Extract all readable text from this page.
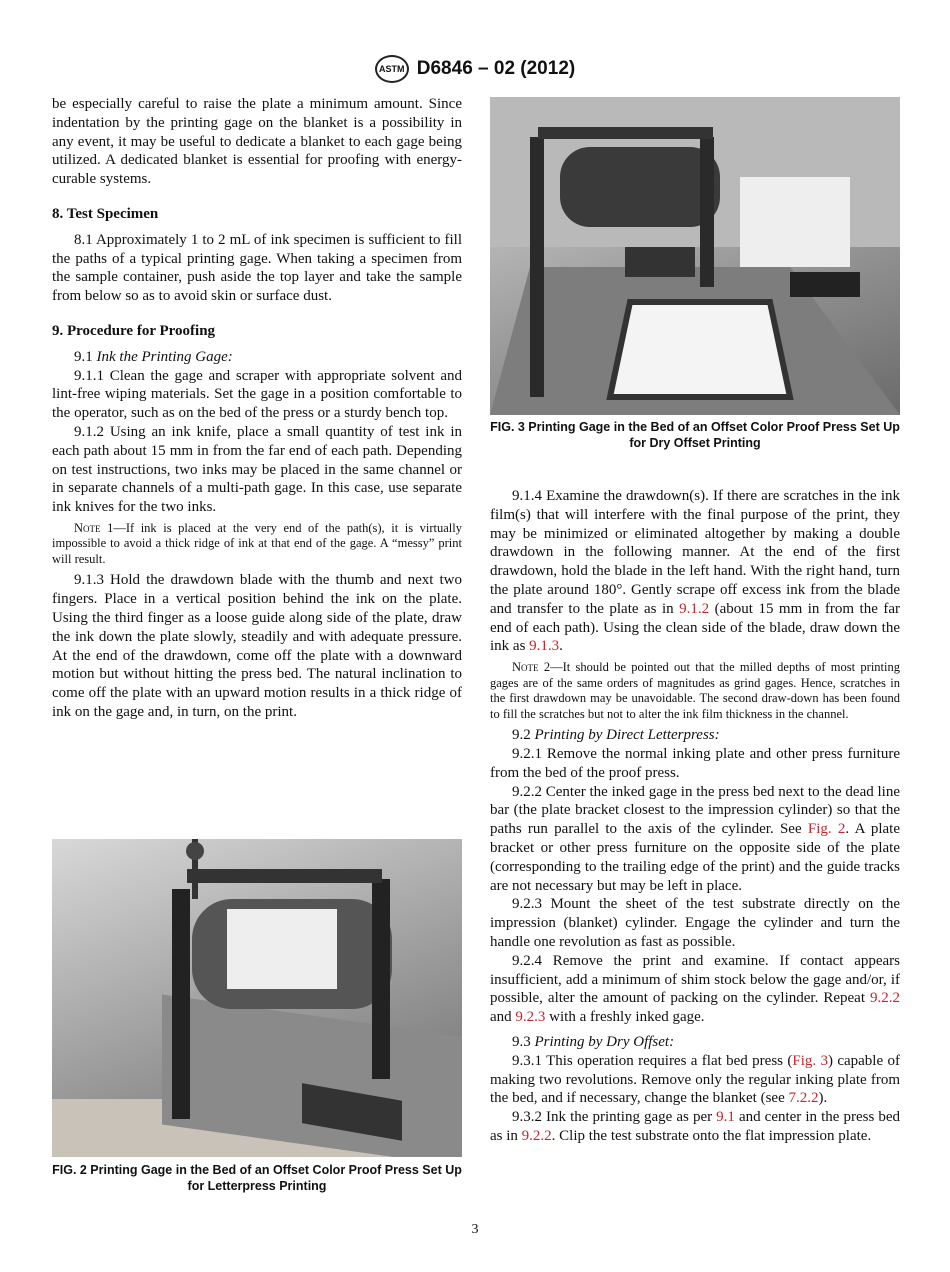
ASTM D6846 – 02 (2012)

be especially careful to raise the plate a minimum amount. Since indentation by the printing gage on the blanket is a possibility in any event, it may be useful to dedicate a blanket to each gage being utilized. A dedicated blanket is essential for proofing with energy-curable systems.

8. Test Specimen

8.1 Approximately 1 to 2 mL of ink specimen is sufficient to fill the paths of a typical printing gage. When taking a specimen from the sample container, push aside the top layer and take the sample from below so as to avoid skin or surface dust.

9. Procedure for Proofing

9.1 Ink the Printing Gage:

9.1.1 Clean the gage and scraper with appropriate solvent and lint-free wiping materials. Set the gage in a position comfortable to the operator, such as on the bed of the press or a sturdy bench top.

9.1.2 Using an ink knife, place a small quantity of test ink in each path about 15 mm in from the far end of each path. Depending on test instructions, two inks may be placed in the same channel or in separate channels of a multi-path gage. In this case, use separate ink knives for the two inks.

Note 1—If ink is placed at the very end of the path(s), it is virtually impossible to avoid a thick ridge of ink at that end of the gage. A “messy” print will result.

9.1.3 Hold the drawdown blade with the thumb and next two fingers. Place in a vertical position behind the ink on the plate. Using the third finger as a loose guide along side of the plate, draw the ink down the plate slowly, steadily and with adequate pressure. At the end of the drawdown, come off the plate with a downward motion but without hitting the press bed. The natural inclination to come off the plate with an upward motion results in a thick ridge of ink on the gage and, in turn, on the print.

FIG. 2 Printing Gage in the Bed of an Offset Color Proof Press Set Up for Letterpress Printing
FIG. 3 Printing Gage in the Bed of an Offset Color Proof Press Set Up for Dry Offset Printing

9.1.4 Examine the drawdown(s). If there are scratches in the ink film(s) that will interfere with the final purpose of the print, they may be minimized or eliminated altogether by making a double drawdown in the following manner. At the end of the first drawdown, hold the blade in the left hand. With the right hand, turn the plate around 180°. Gently scrape off excess ink from the blade and transfer to the plate as in 9.1.2 (about 15 mm in from the far end of each path). Using the clean side of the blade, draw down the ink as 9.1.3.

Note 2—It should be pointed out that the milled depths of most printing gages are of the same orders of magnitudes as grind gages. Hence, scratches in the first drawdown may be unavoidable. The second draw-down has been found to fill the scratches but not to alter the ink film thickness in the channel.

9.2 Printing by Direct Letterpress:

9.2.1 Remove the normal inking plate and other press furniture from the bed of the proof press.

9.2.2 Center the inked gage in the press bed next to the dead line bar (the plate bracket closest to the impression cylinder) so that the paths run parallel to the axis of the cylinder. See Fig. 2. A plate bracket or other press furniture on the opposite side of the plate (corresponding to the trailing edge of the print) and the guide tracks are not necessary but may be left in place.

9.2.3 Mount the sheet of the test substrate directly on the impression (blanket) cylinder. Engage the cylinder and turn the handle one revolution as fast as possible.

9.2.4 Remove the print and examine. If contact appears insufficient, add a minimum of shim stock below the gage and/or, if possible, alter the amount of packing on the cylinder. Repeat 9.2.2 and 9.2.3 with a freshly inked gage.

9.3 Printing by Dry Offset:

9.3.1 This operation requires a flat bed press (Fig. 3) capable of making two revolutions. Remove only the regular inking plate from the bed, and if necessary, change the blanket (see 7.2.2).

9.3.2 Ink the printing gage as per 9.1 and center in the press bed as in 9.2.2. Clip the test substrate onto the flat impression plate.

3
